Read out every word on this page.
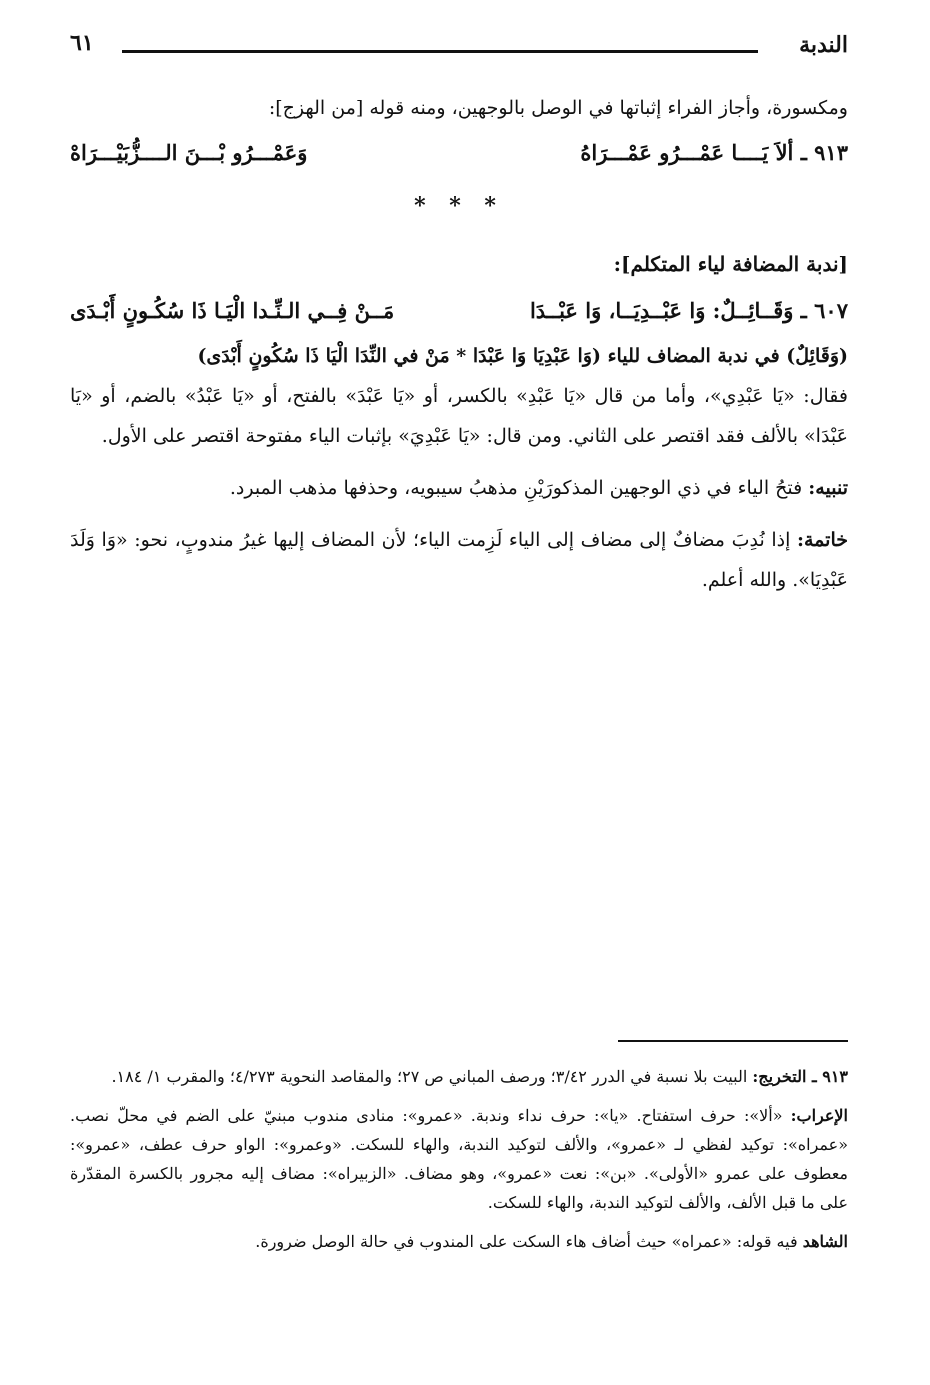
الندبة
٦١

ومكسورة، وأجاز الفراء إثباتها في الوصل بالوجهين، ومنه قوله [من الهزج]:

٩١٣ ـ ألاَ يَــــا عَمْـــرُو عَمْـــرَاهُ
وَعَمْـــرُو بْـــنَ الــــزُّبَيْـــرَاهْ
* * *
[ندبة المضافة لياء المتكلم]:
٦٠٧ ـ وَقَــائِــلٌ: وَا عَبْــدِيَــا، وَا عَبْــدَا
مَــنْ فِــي الـنِّـدا الْيَـا ذَا سُكُـونٍ أَبْـدَى

(وَقَائِلٌ) في ندبة المضاف للياء (وَا عَبْدِيَا وَا عَبْدَا * مَنْ في النِّدَا الْيَا ذَا سُكُونٍ أَبْدَى)

فقال: «يَا عَبْدِي»، وأما من قال «يَا عَبْدِ» بالكسر، أو «يَا عَبْدَ» بالفتح، أو «يَا عَبْدُ» بالضم، أو «يَا عَبْدَا» بالألف فقد اقتصر على الثاني. ومن قال: «يَا عَبْدِيَ» بإثبات الياء مفتوحة اقتصر على الأول.

تنبيه: فتحُ الياء في ذي الوجهين المذكورَيْنِ مذهبُ سيبويه، وحذفها مذهب المبرد.

خاتمة: إذا نُدِبَ مضافٌ إلى مضاف إلى الياء لَزِمت الياء؛ لأن المضاف إليها غيرُ مندوبٍ، نحو: «وَا وَلَدَ عَبْدِيَا». والله أعلم.

٩١٣ ـ التخريج: البيت بلا نسبة في الدرر ٣/٤٢؛ ورصف المباني ص ٢٧؛ والمقاصد النحوية ٤/٢٧٣؛ والمقرب ١/ ١٨٤.

الإعراب: «ألا»: حرف استفتاح. «يا»: حرف نداء وندبة. «عمرو»: منادى مندوب مبنيّ على الضم في محلّ نصب. «عمراه»: توكيد لفظي لـ «عمرو»، والألف لتوكيد الندبة، والهاء للسكت. «وعمرو»: الواو حرف عطف، «عمرو»: معطوف على عمرو «الأولى». «بن»: نعت «عمرو»، وهو مضاف. «الزبيراه»: مضاف إليه مجرور بالكسرة المقدّرة على ما قبل الألف، والألف لتوكيد الندبة، والهاء للسكت.

الشاهد فيه قوله: «عمراه» حيث أضاف هاء السكت على المندوب في حالة الوصل ضرورة.
